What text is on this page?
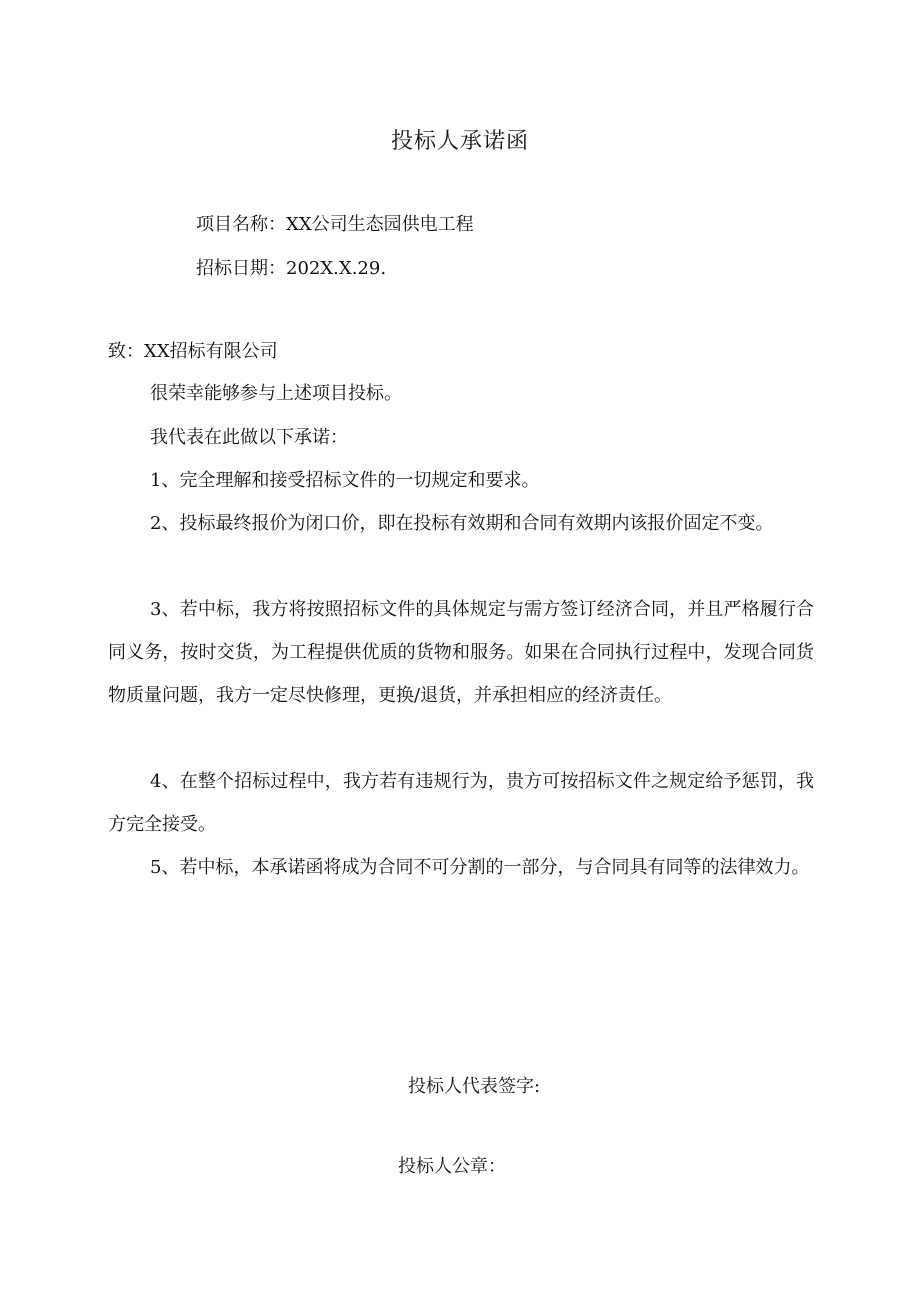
投标人承诺函
项目名称：XX公司生态园供电工程
招标日期：202X.X.29.
致：XX招标有限公司
很荣幸能够参与上述项目投标。
我代表在此做以下承诺：
1、完全理解和接受招标文件的一切规定和要求。

2、投标最终报价为闭口价，即在投标有效期和合同有效期内该报价固定不变。

3、若中标，我方将按照招标文件的具体规定与需方签订经济合同，并且严格履行合同义务，按时交货，为工程提供优质的货物和服务。如果在合同执行过程中，发现合同货物质量问题，我方一定尽快修理，更换/退货，并承担相应的经济责任。

4、在整个招标过程中，我方若有违规行为，贵方可按招标文件之规定给予惩罚，我方完全接受。

5、若中标，本承诺函将成为合同不可分割的一部分，与合同具有同等的法律效力。

投标人代表签字:
投标人公章：
